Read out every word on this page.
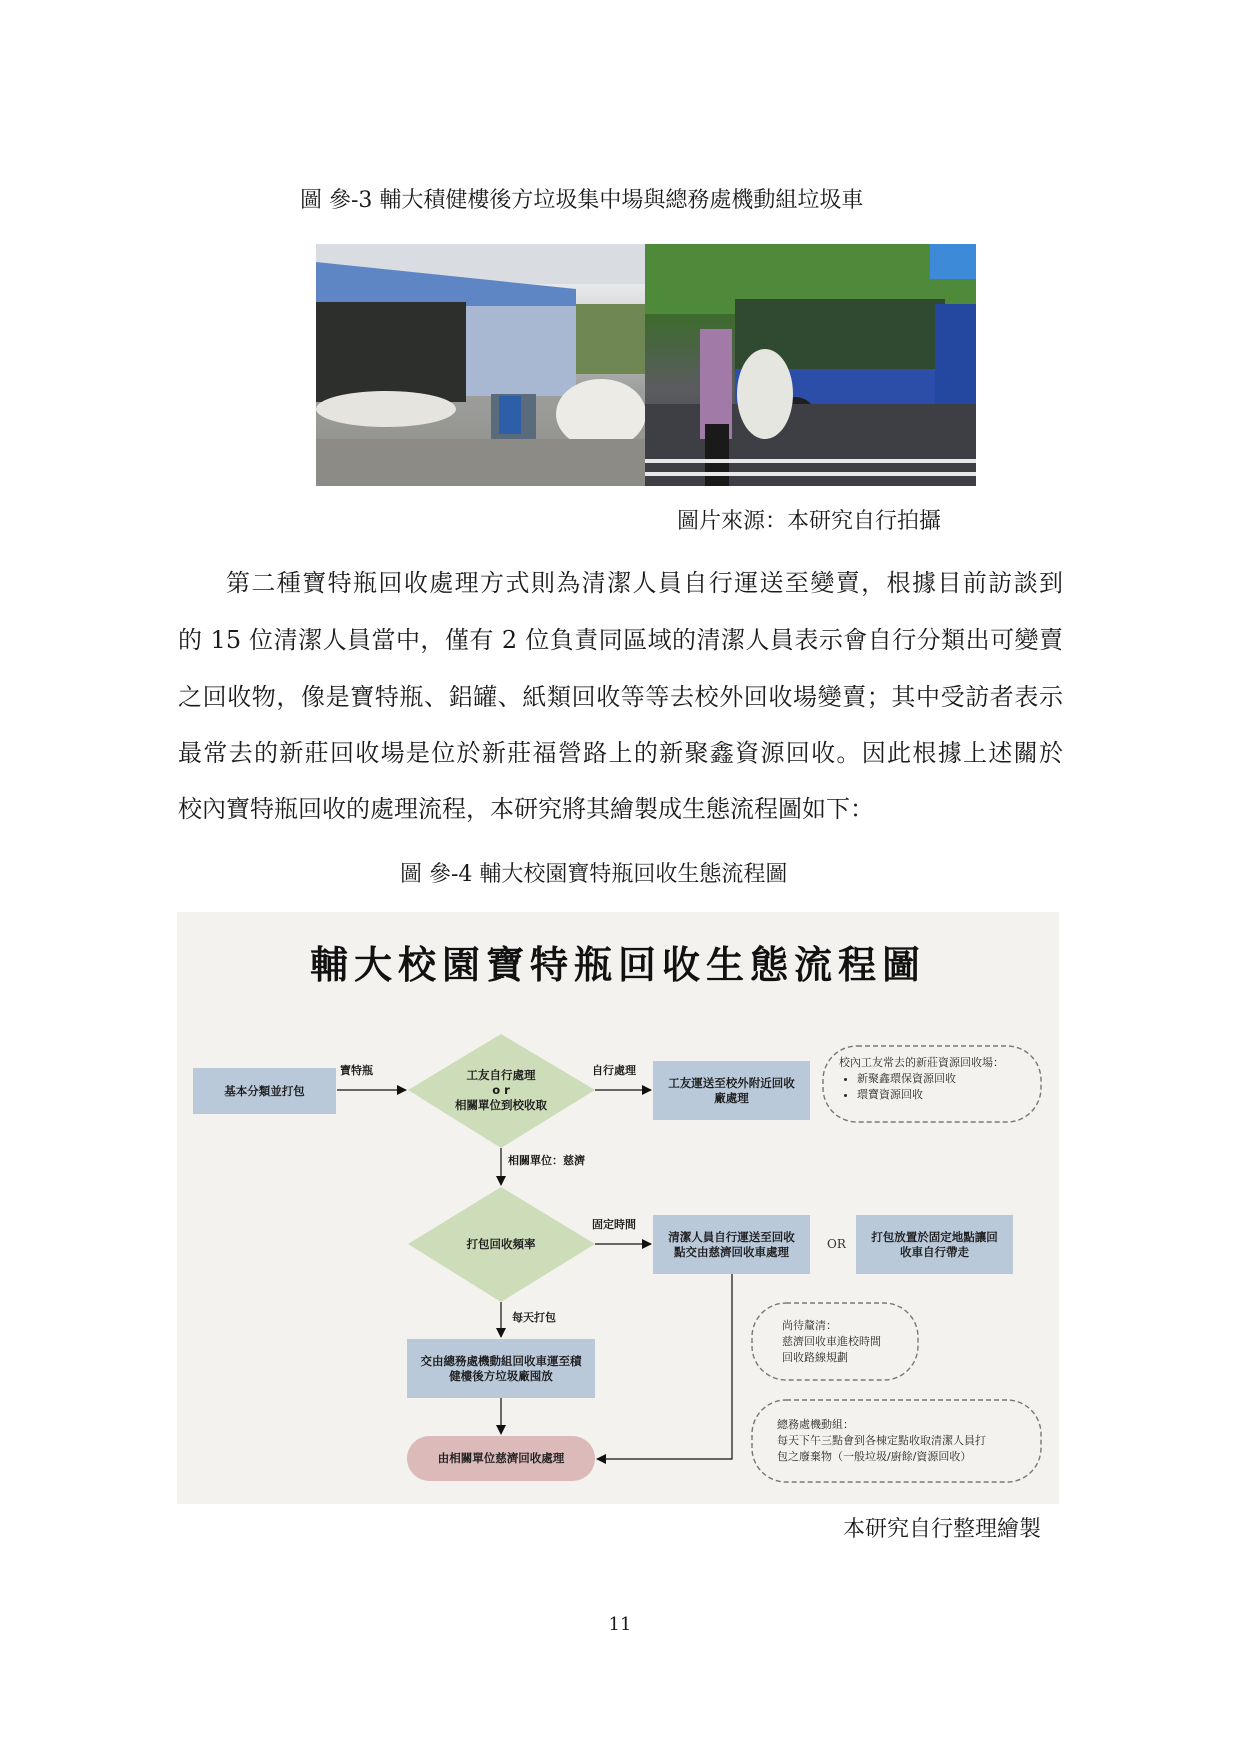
圖 參-3 輔大積健樓後方垃圾集中場與總務處機動組垃圾車
圖片來源：本研究自行拍攝
第二種寶特瓶回收處理方式則為清潔人員自行運送至變賣，根據目前訪談到
的 15 位清潔人員當中，僅有 2 位負責同區域的清潔人員表示會自行分類出可變賣
之回收物，像是寶特瓶、鋁罐、紙類回收等等去校外回收場變賣；其中受訪者表示
最常去的新莊回收場是位於新莊福營路上的新聚鑫資源回收。因此根據上述關於
校內寶特瓶回收的處理流程，本研究將其繪製成生態流程圖如下：
圖 參-4 輔大校園寶特瓶回收生態流程圖
輔大校園寶特瓶回收生態流程圖
基本分類並打包
工友自行處理
o r
相關單位到校收取
工友運送至校外附近回收廠處理
打包回收頻率	清潔人員自行運送至回收點交由慈濟回收車處理
OR
打包放置於固定地點讓回收車自行帶走
交由總務處機動組回收車運至積健樓後方垃圾廠囤放
由相關單位慈濟回收處理
寶特瓶	自行處理
相關單位：慈濟
固定時間
每天打包
校內工友常去的新莊資源回收場：
• 新聚鑫環保資源回收
• 環寶資源回收
尚待釐清：
慈濟回收車進校時間
回收路線規劃
總務處機動組：
每天下午三點會到各棟定點收取清潔人員打
包之廢棄物（一般垃圾/廚餘/資源回收）
本研究自行整理繪製
11
